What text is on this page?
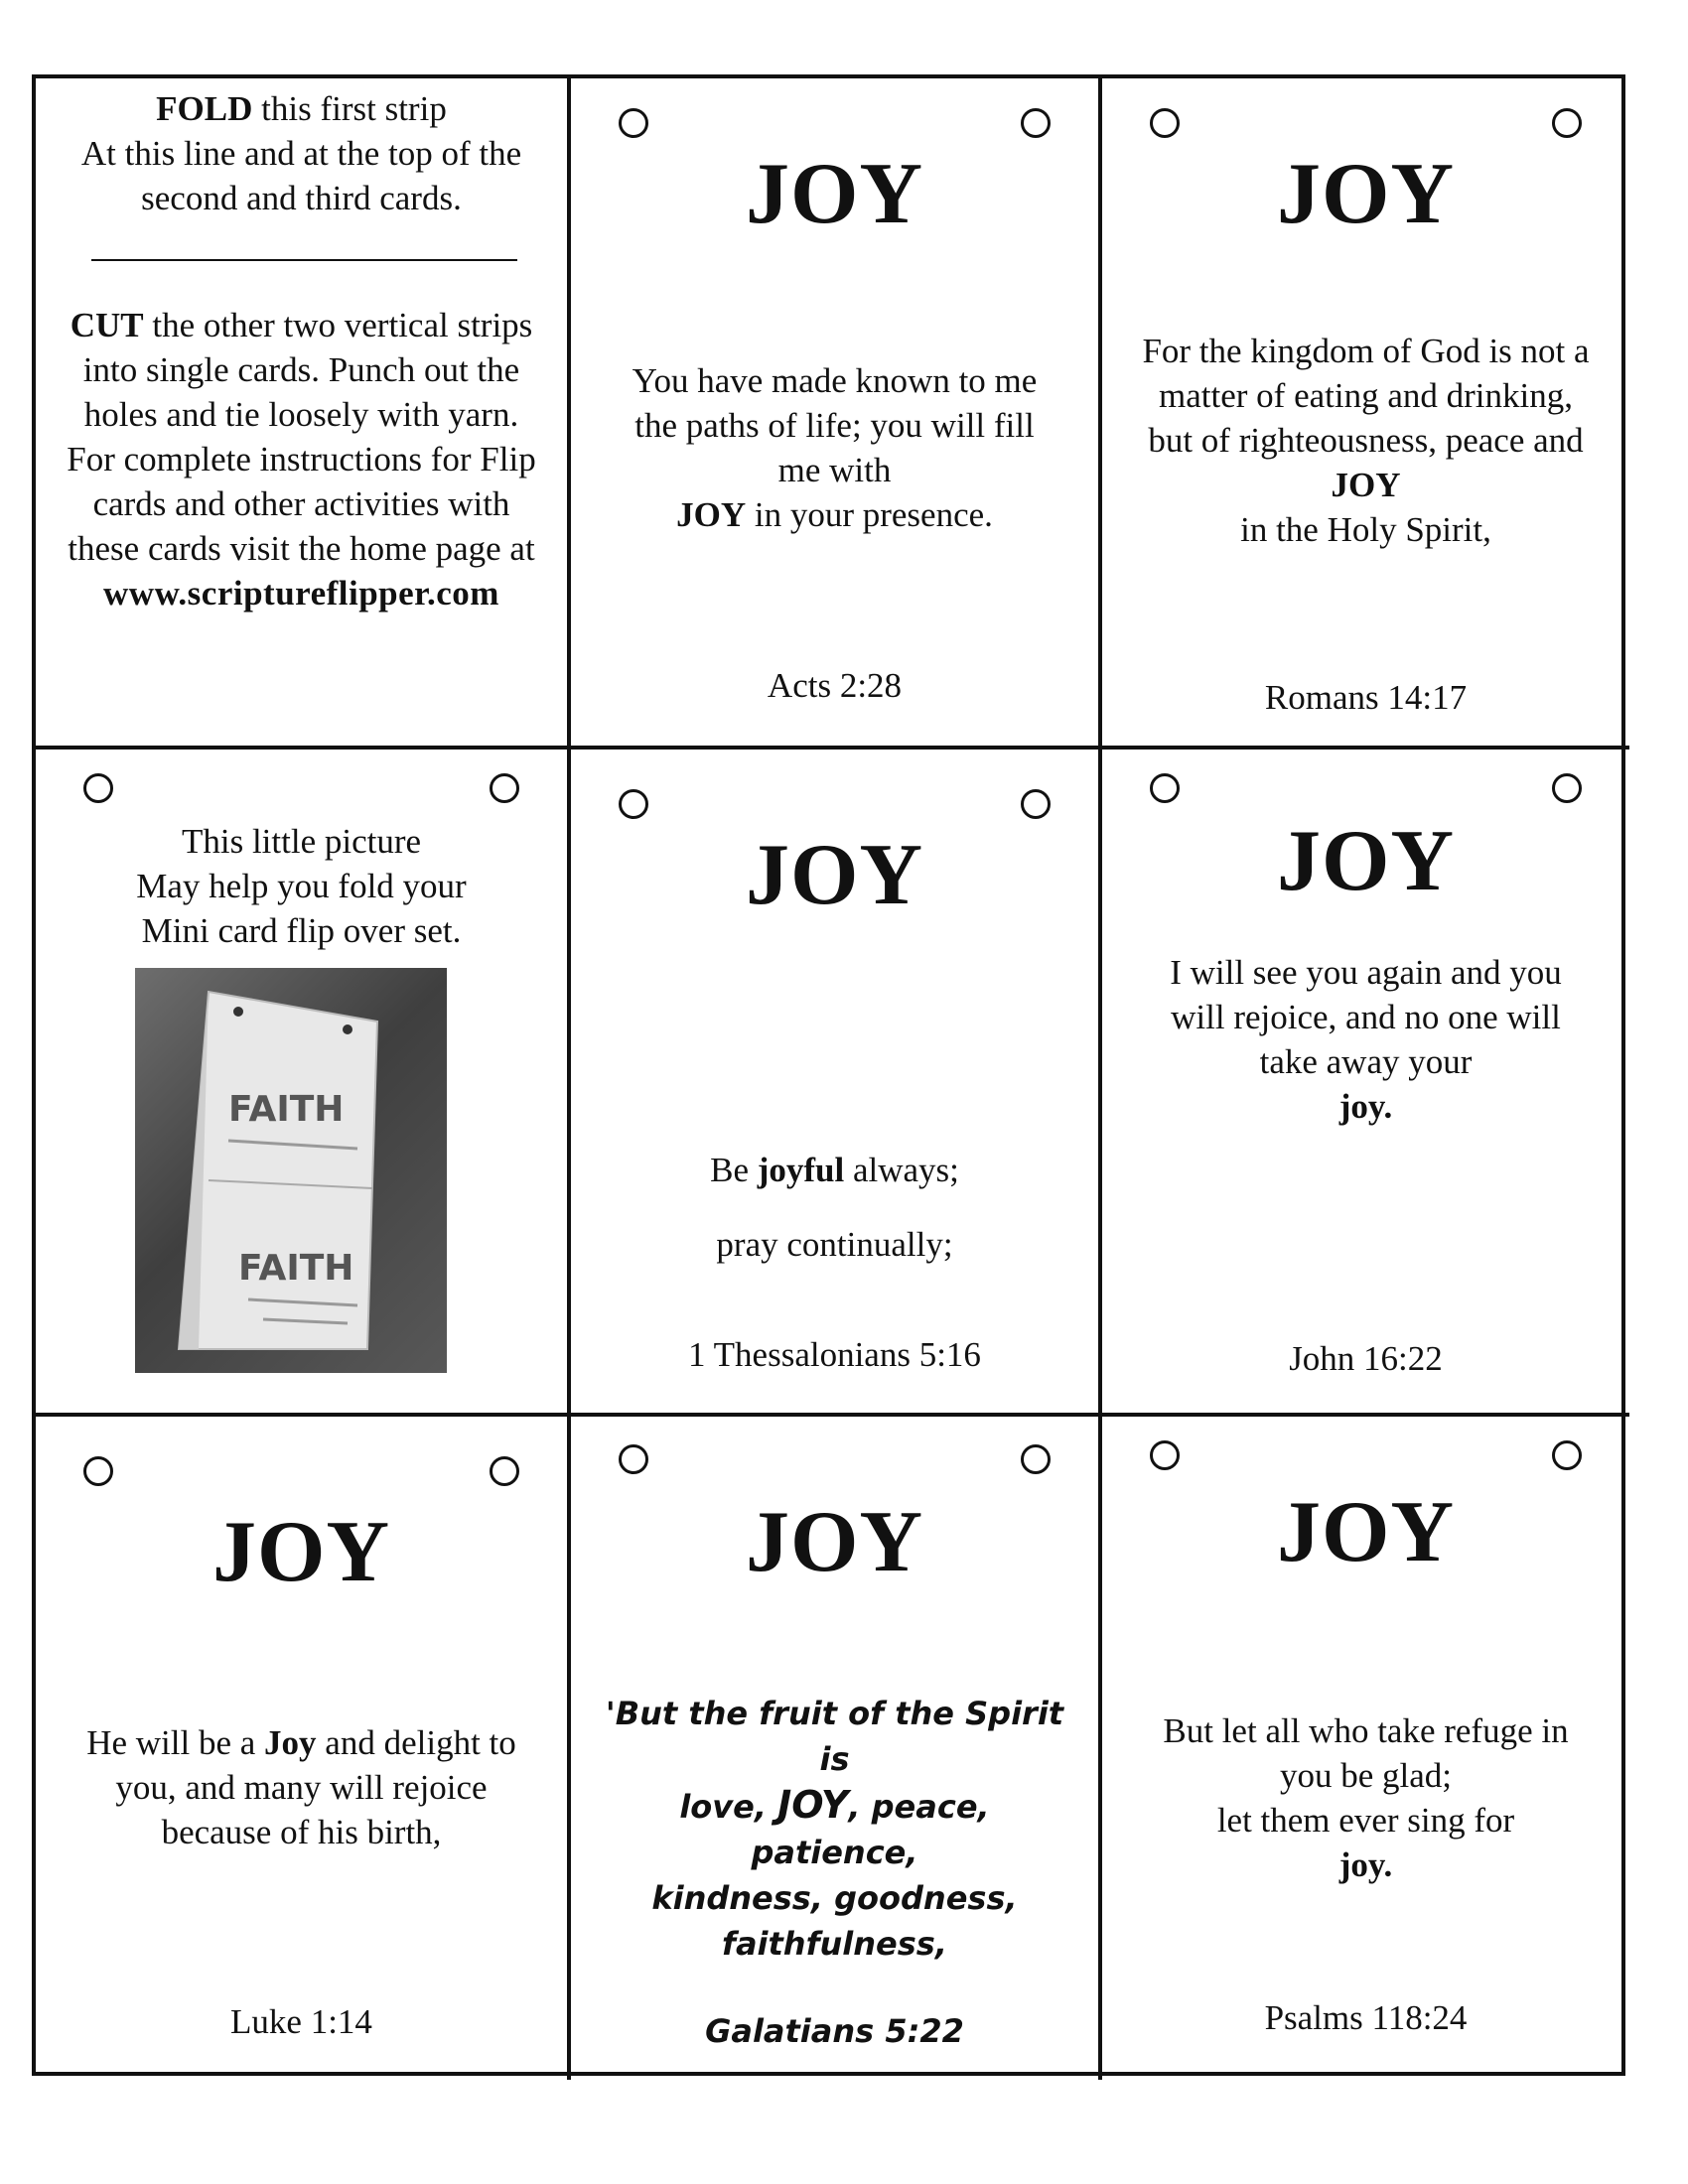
FOLD this first strip
At this line and at the top of the
second and third cards.
CUT the other two vertical strips into single cards. Punch out the holes and tie loosely with yarn. For complete instructions for Flip cards and other activities with these cards visit the home page at
www.scriptureflipper.com
JOY
You have made known to me
the paths of life; you will fill
me with
JOY in your presence.
Acts 2:28
JOY
For the kingdom of God is not a
matter of eating and drinking,
but of righteousness, peace and
JOY
in the Holy Spirit,
Romans 14:17
This little picture
May help you fold your
Mini card flip over set.
FAITH
FAITH
JOY
Be joyful always;
pray continually;
1 Thessalonians 5:16
JOY
I will see you again and you
will rejoice, and no one will
take away your
joy.
John 16:22
JOY
He will be a Joy and delight to
you, and many will rejoice
because of his birth,
Luke 1:14
JOY
'But the fruit of the Spirit is
love, JOY, peace, patience,
kindness, goodness,
faithfulness,
Galatians 5:22
JOY
But let all who take refuge in
you be glad;
let them ever sing for
joy.
Psalms 118:24
